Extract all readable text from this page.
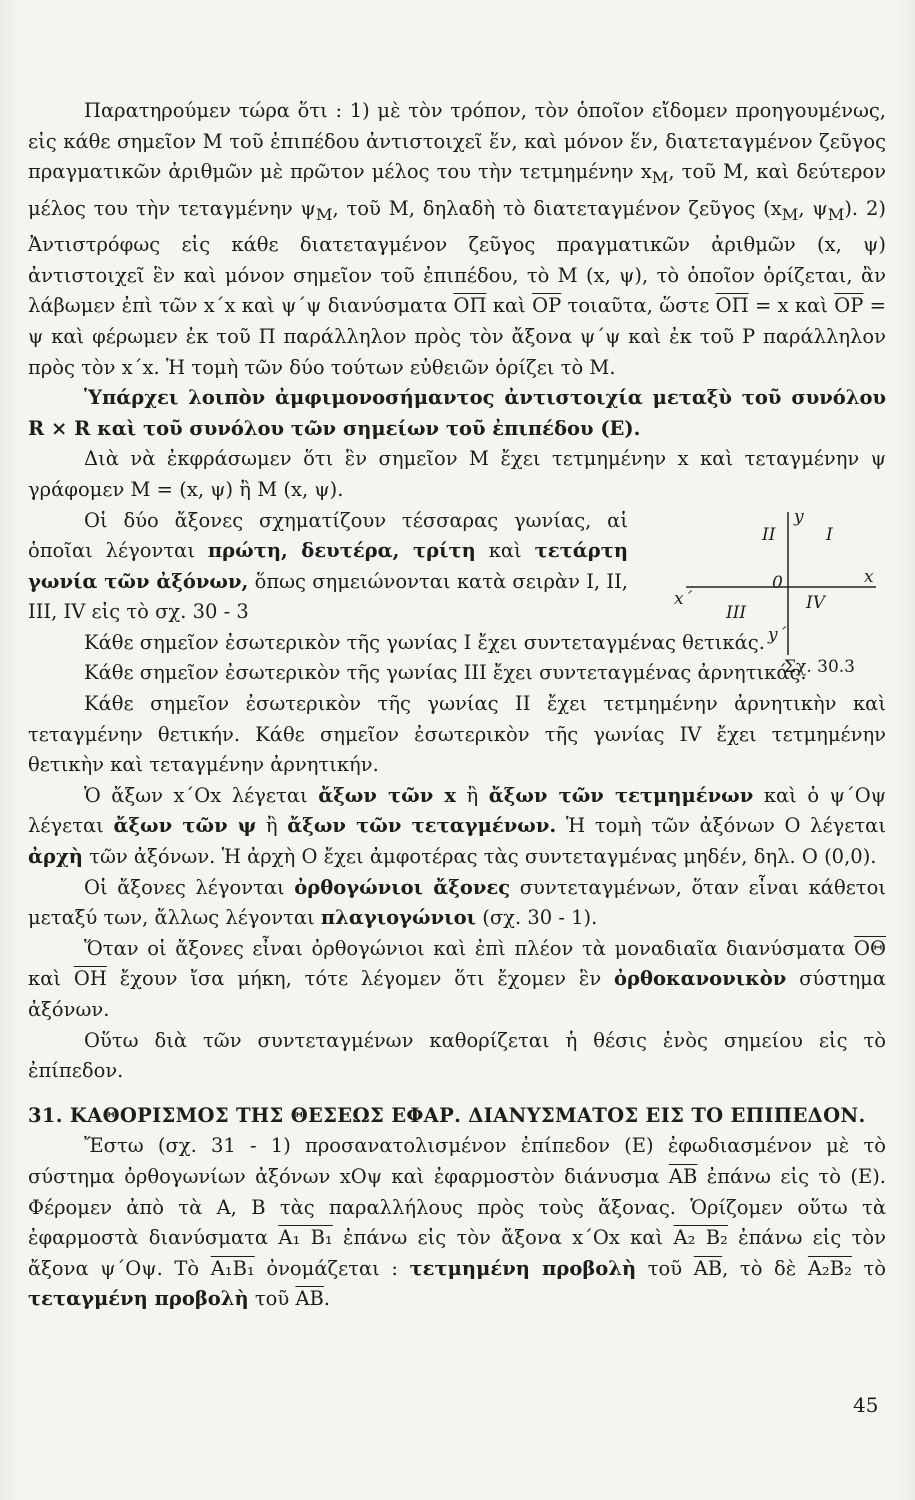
Παρατηρούμεν τώρα ὅτι : 1) μὲ τὸν τρόπον, τὸν ὁποῖον εἴδομεν προηγουμένως, εἰς κάθε σημεῖον Μ τοῦ ἐπιπέδου ἀντιστοιχεῖ ἕν, καὶ μόνον ἕν, διατεταγμένον ζεῦγος πραγματικῶν ἀριθμῶν μὲ πρῶτον μέλος του τὴν τετμημένην $x_M$, τοῦ Μ, καὶ δεύτερον μέλος του τὴν τεταγμένην $\psi_M$, τοῦ Μ, δηλαδὴ τὸ διατεταγμένον ζεῦγος ($x_M$, $\psi_M$). 2) Ἀντιστρόφως εἰς κάθε διατεταγμένον ζεῦγος πραγματικῶν ἀριθμῶν (x, ψ) ἀντιστοιχεῖ ἓν καὶ μόνον σημεῖον τοῦ ἐπιπέδου, τὸ Μ (x, ψ), τὸ ὁποῖον ὁρίζεται, ἂν λάβωμεν ἐπὶ τῶν x΄x καὶ ψ΄ψ διανύσματα $\overline{O\Pi}$ καὶ $\overline{OP}$ τοιαῦτα, ὥστε $\overline{O\Pi} = x$ καὶ $\overline{OP} = \psi$ καὶ φέρωμεν ἐκ τοῦ Π παράλληλον πρὸς τὸν ἄξονα ψ΄ψ καὶ ἐκ τοῦ Ρ παράλληλον πρὸς τὸν x΄x. Ἡ τομὴ τῶν δύο τούτων εὐθειῶν ὁρίζει τὸ Μ.

Ὑπάρχει λοιπὸν ἀμφιμονοσήμαντος ἀντιστοιχία μεταξὺ τοῦ συνόλου R × R καὶ τοῦ συνόλου τῶν σημείων τοῦ ἐπιπέδου (Ε).

Διὰ νὰ ἐκφράσωμεν ὅτι ἓν σημεῖον Μ ἔχει τετμημένην x καὶ τεταγμένην ψ γράφομεν Μ = (x, ψ) ἢ Μ (x, ψ).

Οἱ δύο ἄξονες σχηματίζουν τέσσαρας γωνίας, αἱ ὁποῖαι λέγονται πρώτη, δευτέρα, τρίτη καὶ τετάρτη γωνία τῶν ἀξόνων, ὅπως σημειώνονται κατὰ σειρὰν I, II, III, IV εἰς τὸ σχ. 30 - 3

Κάθε σημεῖον ἐσωτερικὸν τῆς γωνίας I ἔχει συντεταγμένας θετικάς.

Κάθε σημεῖον ἐσωτερικὸν τῆς γωνίας III ἔχει συντεταγμένας ἀρνητικάς.

Κάθε σημεῖον ἐσωτερικὸν τῆς γωνίας II ἔχει τετμημένην ἀρνητικὴν καὶ τεταγμένην θετικήν. Κάθε σημεῖον ἐσωτερικὸν τῆς γωνίας IV ἔχει τετμημένην θετικὴν καὶ τεταγμένην ἀρνητικήν.

Ὁ ἄξων x΄Οx λέγεται ἄξων τῶν x ἢ ἄξων τῶν τετμημένων καὶ ὁ ψ΄Οψ λέγεται ἄξων τῶν ψ ἢ ἄξων τῶν τεταγμένων. Ἡ τομὴ τῶν ἀξόνων Ο λέγεται ἀρχὴ τῶν ἀξόνων. Ἡ ἀρχὴ Ο ἔχει ἀμφοτέρας τὰς συντεταγμένας μηδέν, δηλ. Ο (0,0).

Οἱ ἄξονες λέγονται ὀρθογώνιοι ἄξονες συντεταγμένων, ὅταν εἶναι κάθετοι μεταξύ των, ἄλλως λέγονται πλαγιογώνιοι (σχ. 30 - 1).

Ὅταν οἱ ἄξονες εἶναι ὀρθογώνιοι καὶ ἐπὶ πλέον τὰ μοναδιαῖα διανύσματα $\overline{O\Theta}$ καὶ $\overline{OH}$ ἔχουν ἴσα μήκη, τότε λέγομεν ὅτι ἔχομεν ἓν ὀρθοκανονικὸν σύστημα ἀξόνων.

Οὕτω διὰ τῶν συντεταγμένων καθορίζεται ἡ θέσις ἑνὸς σημείου εἰς τὸ ἐπίπεδον.

31. ΚΑΘΟΡΙΣΜΟΣ ΤΗΣ ΘΕΣΕΩΣ ΕΦΑΡ. ΔΙΑΝΥΣΜΑΤΟΣ ΕΙΣ ΤΟ ΕΠΙΠΕΔΟΝ.

Ἔστω (σχ. 31 - 1) προσανατολισμένον ἐπίπεδον (Ε) ἐφωδιασμένον μὲ τὸ σύστημα ὀρθογωνίων ἀξόνων xΟψ καὶ ἐφαρμοστὸν διάνυσμα $\overline{AB}$ ἐπάνω εἰς τὸ (Ε). Φέρομεν ἀπὸ τὰ Α, Β τὰς παραλλήλους πρὸς τοὺς ἄξονας. Ὁρίζομεν οὕτω τὰ ἐφαρμοστὰ διανύσματα Α₁ Β₁ ἐπάνω εἰς τὸν ἄξονα x΄Οx καὶ Α₂ Β₂ ἐπάνω εἰς τὸν ἄξονα ψ΄Οψ. Τὸ Α₁Β₁ ὀνομάζεται : τετμημένη προβολὴ τοῦ $\overline{AB}$, τὸ δὲ Α₂Β₂ τὸ τεταγμένη προβολὴ τοῦ $\overline{AB}$.

y
II	I
x
x΄
0
III	IV
y΄
Σχ. 30.3
45
